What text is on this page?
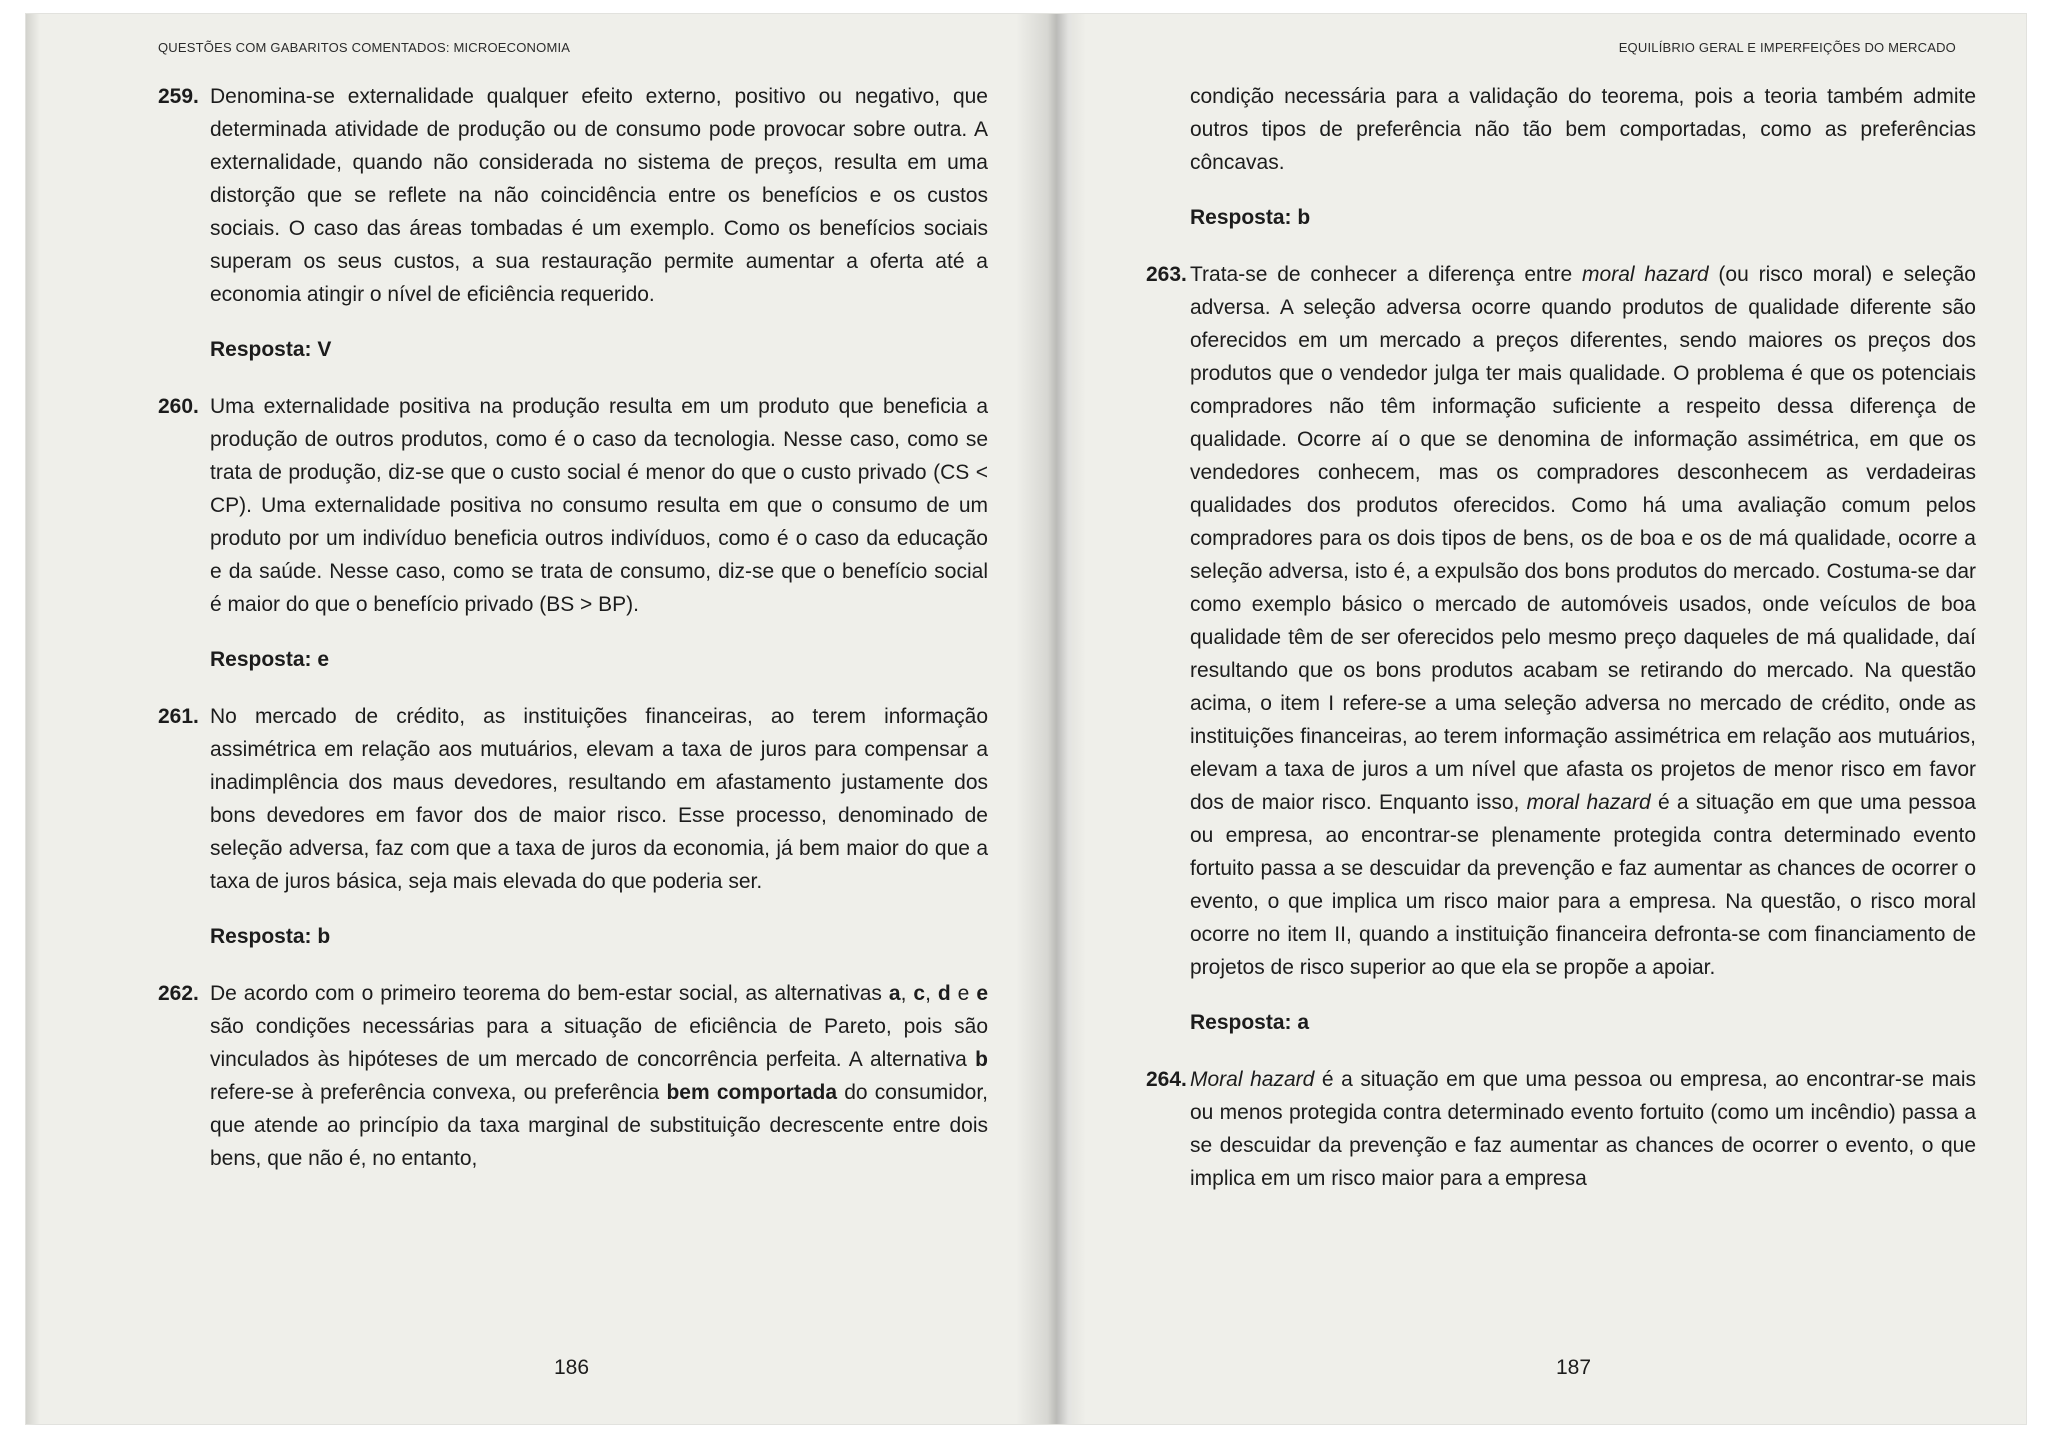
QUESTÕES COM GABARITOS COMENTADOS: MICROECONOMIA

259. Denomina-se externalidade qualquer efeito externo, positivo ou negativo, que determinada atividade de produção ou de consumo pode provocar sobre outra. A externalidade, quando não considerada no sistema de preços, resulta em uma distorção que se reflete na não coincidência entre os benefícios e os custos sociais. O caso das áreas tombadas é um exemplo. Como os benefícios sociais superam os seus custos, a sua restauração permite aumentar a oferta até a economia atingir o nível de eficiência requerido.

Resposta: V

260. Uma externalidade positiva na produção resulta em um produto que beneficia a produção de outros produtos, como é o caso da tecnologia. Nesse caso, como se trata de produção, diz-se que o custo social é menor do que o custo privado (CS < CP). Uma externalidade positiva no consumo resulta em que o consumo de um produto por um indivíduo beneficia outros indivíduos, como é o caso da educação e da saúde. Nesse caso, como se trata de consumo, diz-se que o benefício social é maior do que o benefício privado (BS > BP).

Resposta: e

261. No mercado de crédito, as instituições financeiras, ao terem informação assimétrica em relação aos mutuários, elevam a taxa de juros para compensar a inadimplência dos maus devedores, resultando em afastamento justamente dos bons devedores em favor dos de maior risco. Esse processo, denominado de seleção adversa, faz com que a taxa de juros da economia, já bem maior do que a taxa de juros básica, seja mais elevada do que poderia ser.

Resposta: b

262. De acordo com o primeiro teorema do bem-estar social, as alternativas a, c, d e e são condições necessárias para a situação de eficiência de Pareto, pois são vinculados às hipóteses de um mercado de concorrência perfeita. A alternativa b refere-se à preferência convexa, ou preferência bem comportada do consumidor, que atende ao princípio da taxa marginal de substituição decrescente entre dois bens, que não é, no entanto,

186
EQUILÍBRIO GERAL E IMPERFEIÇÕES DO MERCADO

condição necessária para a validação do teorema, pois a teoria também admite outros tipos de preferência não tão bem comportadas, como as preferências côncavas.

Resposta: b

263. Trata-se de conhecer a diferença entre moral hazard (ou risco moral) e seleção adversa. A seleção adversa ocorre quando produtos de qualidade diferente são oferecidos em um mercado a preços diferentes, sendo maiores os preços dos produtos que o vendedor julga ter mais qualidade. O problema é que os potenciais compradores não têm informação suficiente a respeito dessa diferença de qualidade. Ocorre aí o que se denomina de informação assimétrica, em que os vendedores conhecem, mas os compradores desconhecem as verdadeiras qualidades dos produtos oferecidos. Como há uma avaliação comum pelos compradores para os dois tipos de bens, os de boa e os de má qualidade, ocorre a seleção adversa, isto é, a expulsão dos bons produtos do mercado. Costuma-se dar como exemplo básico o mercado de automóveis usados, onde veículos de boa qualidade têm de ser oferecidos pelo mesmo preço daqueles de má qualidade, daí resultando que os bons produtos acabam se retirando do mercado. Na questão acima, o item I refere-se a uma seleção adversa no mercado de crédito, onde as instituições financeiras, ao terem informação assimétrica em relação aos mutuários, elevam a taxa de juros a um nível que afasta os projetos de menor risco em favor dos de maior risco. Enquanto isso, moral hazard é a situação em que uma pessoa ou empresa, ao encontrar-se plenamente protegida contra determinado evento fortuito passa a se descuidar da prevenção e faz aumentar as chances de ocorrer o evento, o que implica um risco maior para a empresa. Na questão, o risco moral ocorre no item II, quando a instituição financeira defronta-se com financiamento de projetos de risco superior ao que ela se propõe a apoiar.

Resposta: a

264. Moral hazard é a situação em que uma pessoa ou empresa, ao encontrar-se mais ou menos protegida contra determinado evento fortuito (como um incêndio) passa a se descuidar da prevenção e faz aumentar as chances de ocorrer o evento, o que implica em um risco maior para a empresa

187
